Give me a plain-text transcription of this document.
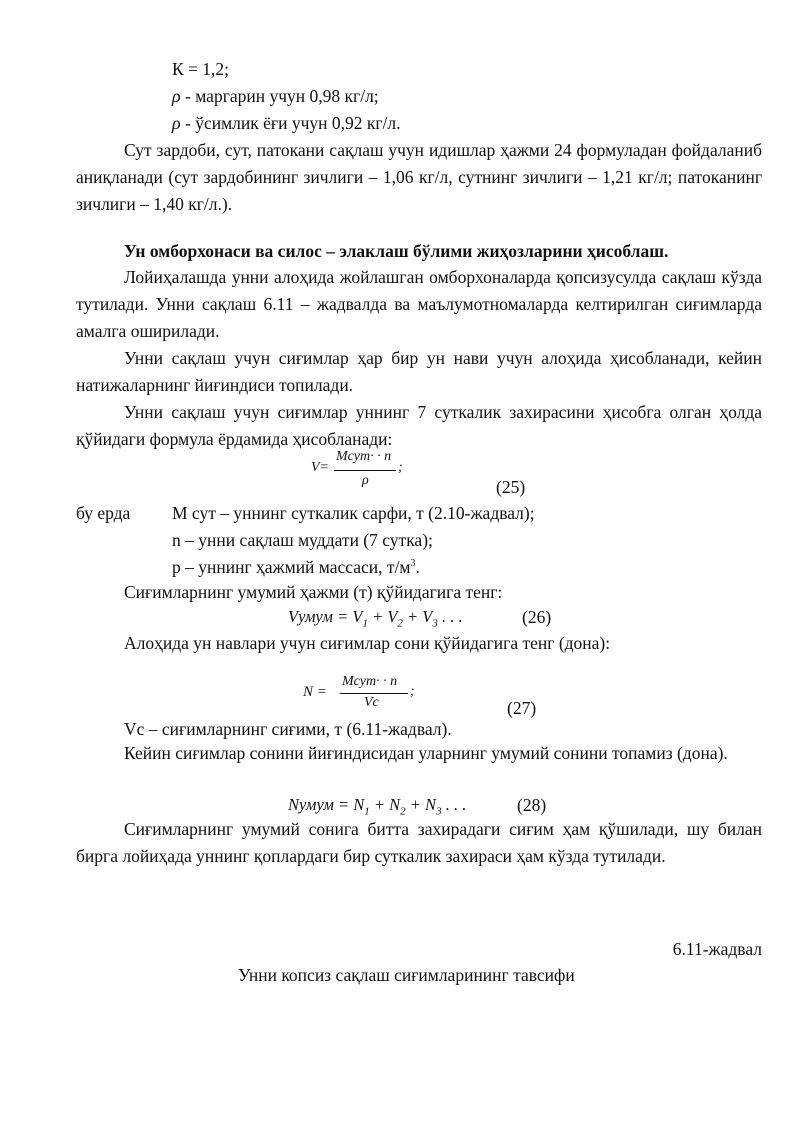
К = 1,2;
ρ - маргарин учун 0,98 кг/л;
ρ - ўсимлик ёғи учун 0,92 кг/л.
Сут зардоби, сут, патокани сақлаш учун идишлар ҳажми 24 формуладан фойдаланиб аниқланади (сут зардобининг зичлиги – 1,06 кг/л, сутнинг зичлиги – 1,21 кг/л; патоканинг зичлиги – 1,40 кг/л.).
Ун омборхонаси ва силос – элаклаш бўлими жиҳозларини ҳисоблаш.
Лойиҳалашда унни алоҳида жойлашган омборхоналарда қопсизусулда сақлаш кўзда тутилади. Унни сақлаш 6.11 – жадвалда ва маълумотномаларда келтирилган сиғимларда амалга оширилади.
Унни сақлаш учун сиғимлар ҳар бир ун нави учун алоҳида ҳисобланади, кейин натижаларнинг йиғиндиси топилади.
Унни сақлаш учун сиғимлар уннинг 7 суткалик захирасини ҳисобга олган ҳолда қўйидаги формула ёрдамида ҳисобланади:
V=
Mсут· · n
ρ
;
(25)
бу ерда М сут – уннинг суткалик сарфи, т (2.10-жадвал);
n – унни сақлаш муддати (7 сутка);
р – уннинг ҳажмий массаси, $т/м^3$.
Сиғимларнинг умумий ҳажми (т) қўйидагига тенг:
Vумум = $V_1 + V_2 + V_3$ . . .	(26)
Алоҳида ун навлари учун сиғимлар сони қўйидагига тенг (дона):
N =
Mсут· · n
Vc
;
(27)
Vс – сиғимларнинг сиғими, т (6.11-жадвал).
Кейин сиғимлар сонини йиғиндисидан уларнинг умумий сонини топамиз (дона).
Nумум = $N_1 + N_2 + N_3$ . . .	(28)
Сиғимларнинг умумий сонига битта захирадаги сиғим ҳам қўшилади, шу билан бирга лойиҳада уннинг қоплардаги бир суткалик захираси ҳам кўзда тутилади.
6.11-жадвал
Унни копсиз сақлаш сиғимларининг тавсифи
